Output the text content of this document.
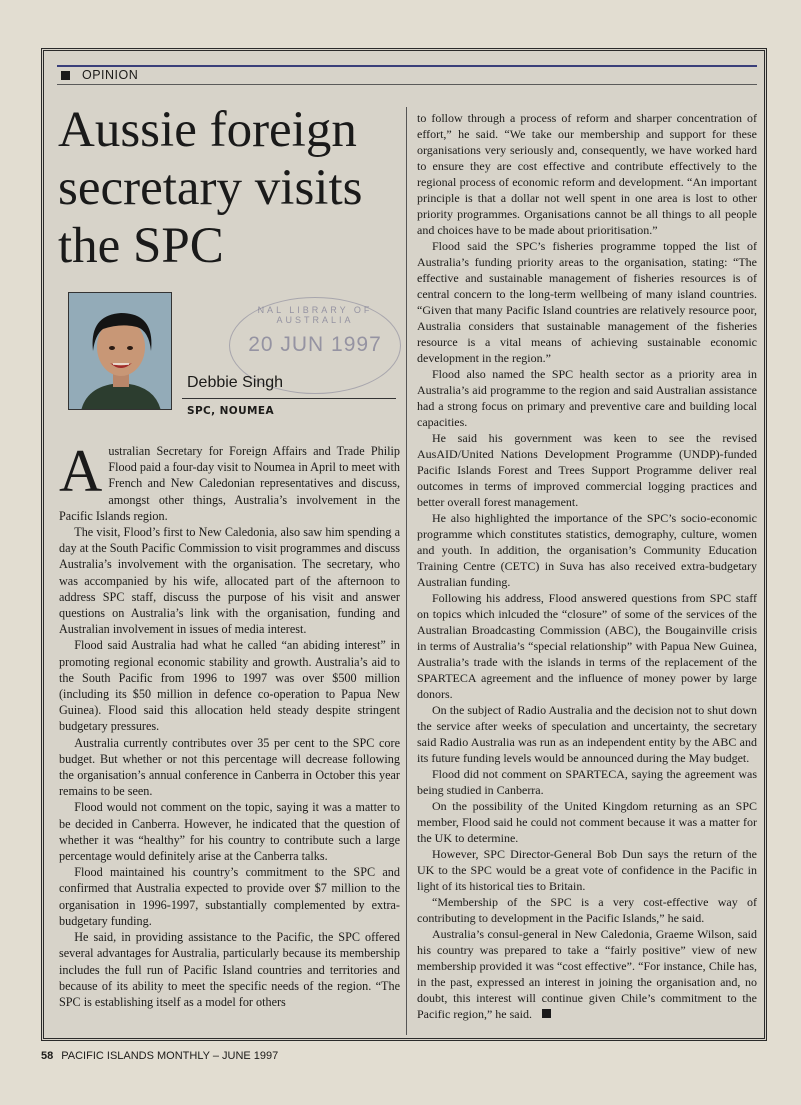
OPINION
Aussie foreign secretary visits the SPC
NAL LIBRARY OF AUSTRALIA
20 JUN 1997
Debbie Singh
SPC, NOUMEA

Australian Secretary for Foreign Affairs and Trade Philip Flood paid a four-day visit to Noumea in April to meet with French and New Caledonian representatives and discuss, amongst other things, Australia’s involvement in the Pacific Islands region.

The visit, Flood’s first to New Caledonia, also saw him spending a day at the South Pacific Commission to visit programmes and discuss Australia’s involvement with the organisation. The secretary, who was accompanied by his wife, allocated part of the afternoon to address SPC staff, discuss the purpose of his visit and answer questions on Australia’s link with the organisation, funding and Australian involvement in issues of media interest.

Flood said Australia had what he called “an abiding interest” in promoting regional economic stability and growth. Australia’s aid to the South Pacific from 1996 to 1997 was over $500 million (including its $50 million in defence co-operation to Papua New Guinea). Flood said this allocation held steady despite stringent budgetary pressures.

Australia currently contributes over 35 per cent to the SPC core budget. But whether or not this percentage will decrease following the organisation’s annual conference in Canberra in October this year remains to be seen.

Flood would not comment on the topic, saying it was a matter to be decided in Canberra. However, he indicated that the question of whether it was “healthy” for his country to contribute such a large percentage would definitely arise at the Canberra talks.

Flood maintained his country’s commitment to the SPC and confirmed that Australia expected to provide over $7 million to the organisation in 1996-1997, substantially complemented by extra-budgetary funding.

He said, in providing assistance to the Pacific, the SPC offered several advantages for Australia, particularly because its membership includes the full run of Pacific Island countries and territories and because of its ability to meet the specific needs of the region. “The SPC is establishing itself as a model for others

to follow through a process of reform and sharper concentration of effort,” he said. “We take our membership and support for these organisations very seriously and, consequently, we have worked hard to ensure they are cost effective and contribute effectively to the regional process of economic reform and development. “An important principle is that a dollar not well spent in one area is lost to other priority programmes. Organisations cannot be all things to all people and choices have to be made about prioritisation.”

Flood said the SPC’s fisheries programme topped the list of Australia’s funding priority areas to the organisation, stating: “The effective and sustainable management of fisheries resources is of central concern to the long-term wellbeing of many island countries. “Given that many Pacific Island countries are relatively resource poor, Australia considers that sustainable management of the fisheries resource is a vital means of achieving sustainable economic development in the region.”

Flood also named the SPC health sector as a priority area in Australia’s aid programme to the region and said Australian assistance had a strong focus on primary and preventive care and building local capacities.

He said his government was keen to see the revised AusAID/United Nations Development Programme (UNDP)-funded Pacific Islands Forest and Trees Support Programme deliver real outcomes in terms of improved commercial logging practices and better overall forest management.

He also highlighted the importance of the SPC’s socio-economic programme which constitutes statistics, demography, culture, women and youth. In addition, the organisation’s Community Education Training Centre (CETC) in Suva has also received extra-budgetary Australian funding.

Following his address, Flood answered questions from SPC staff on topics which inlcuded the “closure” of some of the services of the Australian Broadcasting Commission (ABC), the Bougainville crisis in terms of Australia’s “special relationship” with Papua New Guinea, Australia’s trade with the islands in terms of the replacement of the SPARTECA agreement and the influence of money power by large donors.

On the subject of Radio Australia and the decision not to shut down the service after weeks of speculation and uncertainty, the secretary said Radio Australia was run as an independent entity by the ABC and its future funding levels would be announced during the May budget.

Flood did not comment on SPARTECA, saying the agreement was being studied in Canberra.

On the possibility of the United Kingdom returning as an SPC member, Flood said he could not comment because it was a matter for the UK to determine.

However, SPC Director-General Bob Dun says the return of the UK to the SPC would be a great vote of confidence in the Pacific in light of its historical ties to Britain.

“Membership of the SPC is a very cost-effective way of contributing to development in the Pacific Islands,” he said.

Australia’s consul-general in New Caledonia, Graeme Wilson, said his country was prepared to take a “fairly positive” view of new membership provided it was “cost effective”. “For instance, Chile has, in the past, expressed an interest in joining the organisation and, no doubt, this interest will continue given Chile’s commitment to the Pacific region,” he said.

58 PACIFIC ISLANDS MONTHLY – JUNE 1997
